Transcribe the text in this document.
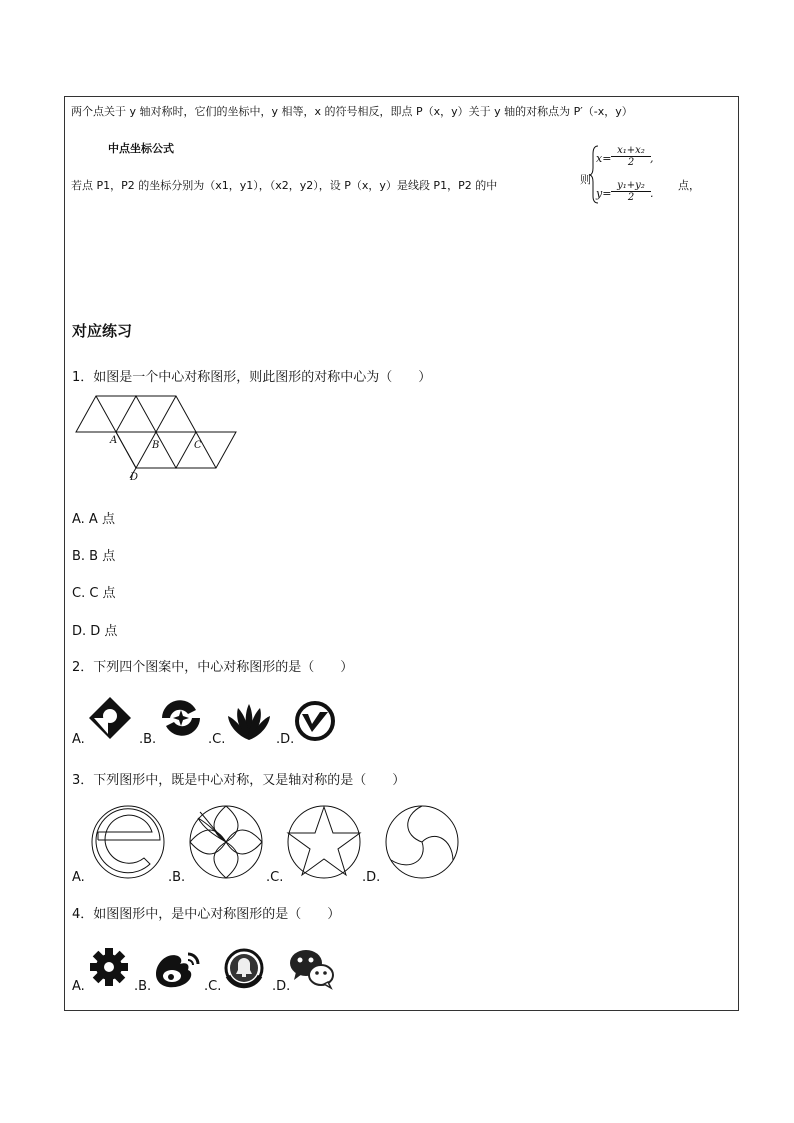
两个点关于 y 轴对称时，它们的坐标中，y 相等，x 的符号相反，即点 P（x，y）关于 y 轴的对称点为 P′（-x，y）
中点坐标公式
若点 P1，P2 的坐标分别为（x1，y1），（x2，y2），设 P（x，y）是线段 P1，P2 的中	则
$x= \frac{\text{x₁+x₂}}{2}$ ,
$y= \frac{\text{y₁+y₂}}{2}$ .
点，
对应练习
1．如图是一个中心对称图形，则此图形的对称中心为（　　）
A	B	C
D
A. A 点
B. B 点
C. C 点
D. D 点
2．下列四个图案中，中心对称图形的是（　　）
A.	.B.	.C.	.D.
3．下列图形中，既是中心对称，又是轴对称的是（　　）
A.	.B.	.C.	.D.
4．如图图形中，是中心对称图形的是（　　）
A.	.B.	.C.	.D.
